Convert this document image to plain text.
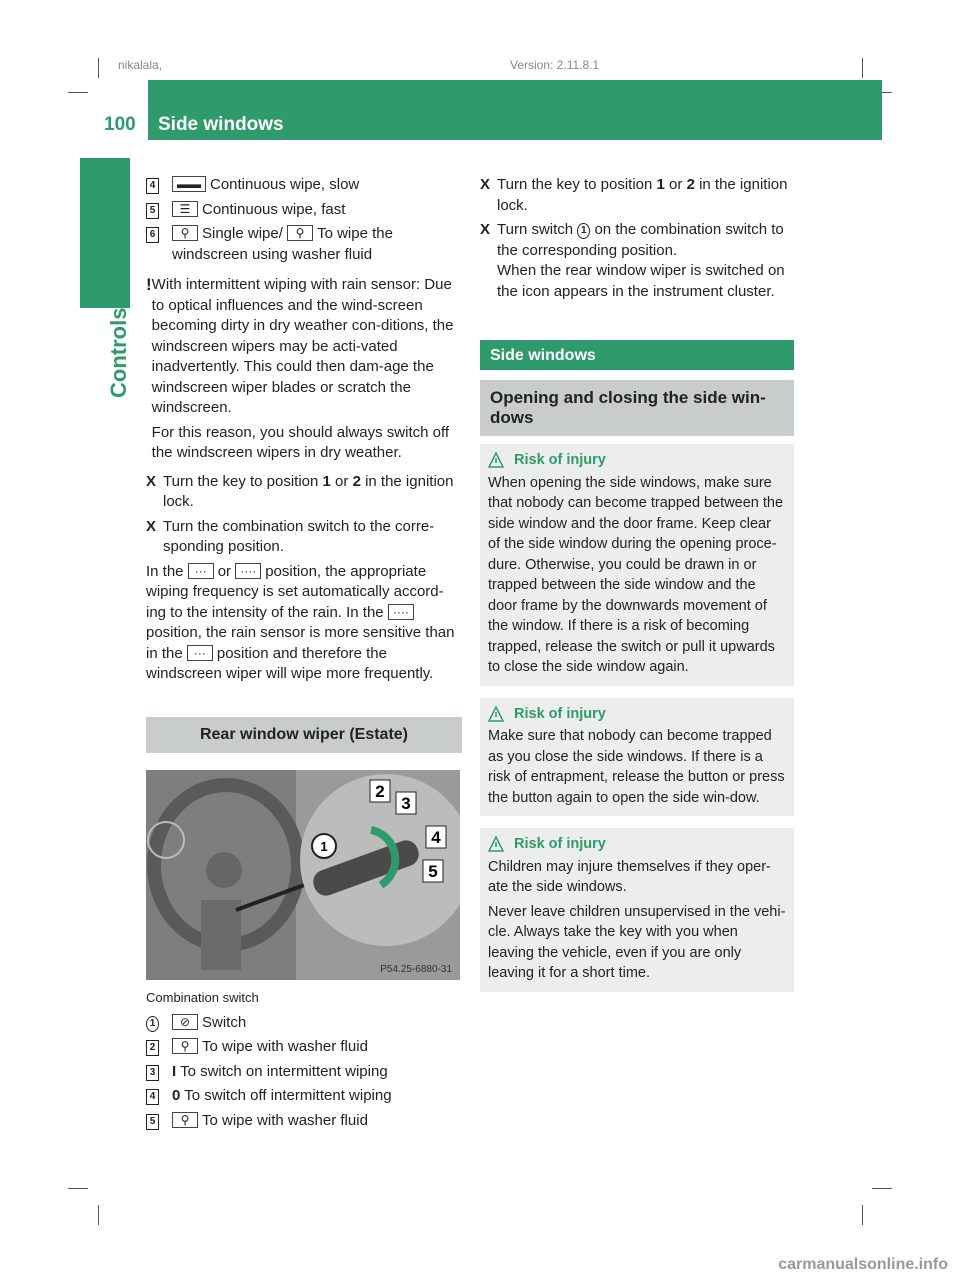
nikalala,	Version: 2.11.8.1
100 Side windows
Controls
4	▬▬ Continuous wipe, slow
5	☰ Continuous wipe, fast
6	⚲ Single wipe/ ⚲ To wipe the windscreen using washer fluid
! With intermittent wiping with rain sensor: Due to optical influences and the wind-screen becoming dirty in dry weather con-ditions, the windscreen wipers may be acti-vated inadvertently. This could then dam-age the windscreen wiper blades or scratch the windscreen.

For this reason, you should always switch off the windscreen wipers in dry weather.

X Turn the key to position 1 or 2 in the ignition lock.
X Turn the combination switch to the corre-sponding position.

In the ··· or ···· position, the appropriate wiping frequency is set automatically accord-ing to the intensity of the rain. In the ····position, the rain sensor is more sensitive than in the ··· position and therefore the windscreen wiper will wipe more frequently.

Rear window wiper (Estate)
1
2
3
4
5
P54.25-6880-31

Combination switch

1	⊘ Switch
2	⚲ To wipe with washer fluid
3	I To switch on intermittent wiping
4	0 To switch off intermittent wiping
5	⚲ To wipe with washer fluid
X Turn the key to position 1 or 2 in the ignition lock.
X Turn switch 1 on the combination switch to the corresponding position.
When the rear window wiper is switched on the icon appears in the instrument cluster.
Side windows
Opening and closing the side win-dows
Risk of injury

When opening the side windows, make sure that nobody can become trapped between the side window and the door frame. Keep clear of the side window during the opening proce-dure. Otherwise, you could be drawn in or trapped between the side window and the door frame by the downwards movement of the window. If there is a risk of becoming trapped, release the switch or pull it upwards to close the side window again.

Risk of injury

Make sure that nobody can become trapped as you close the side windows. If there is a risk of entrapment, release the button or press the button again to open the side win-dow.

Risk of injury

Children may injure themselves if they oper-ate the side windows.

Never leave children unsupervised in the vehi-cle. Always take the key with you when leaving the vehicle, even if you are only leaving it for a short time.

carmanualsonline.info
